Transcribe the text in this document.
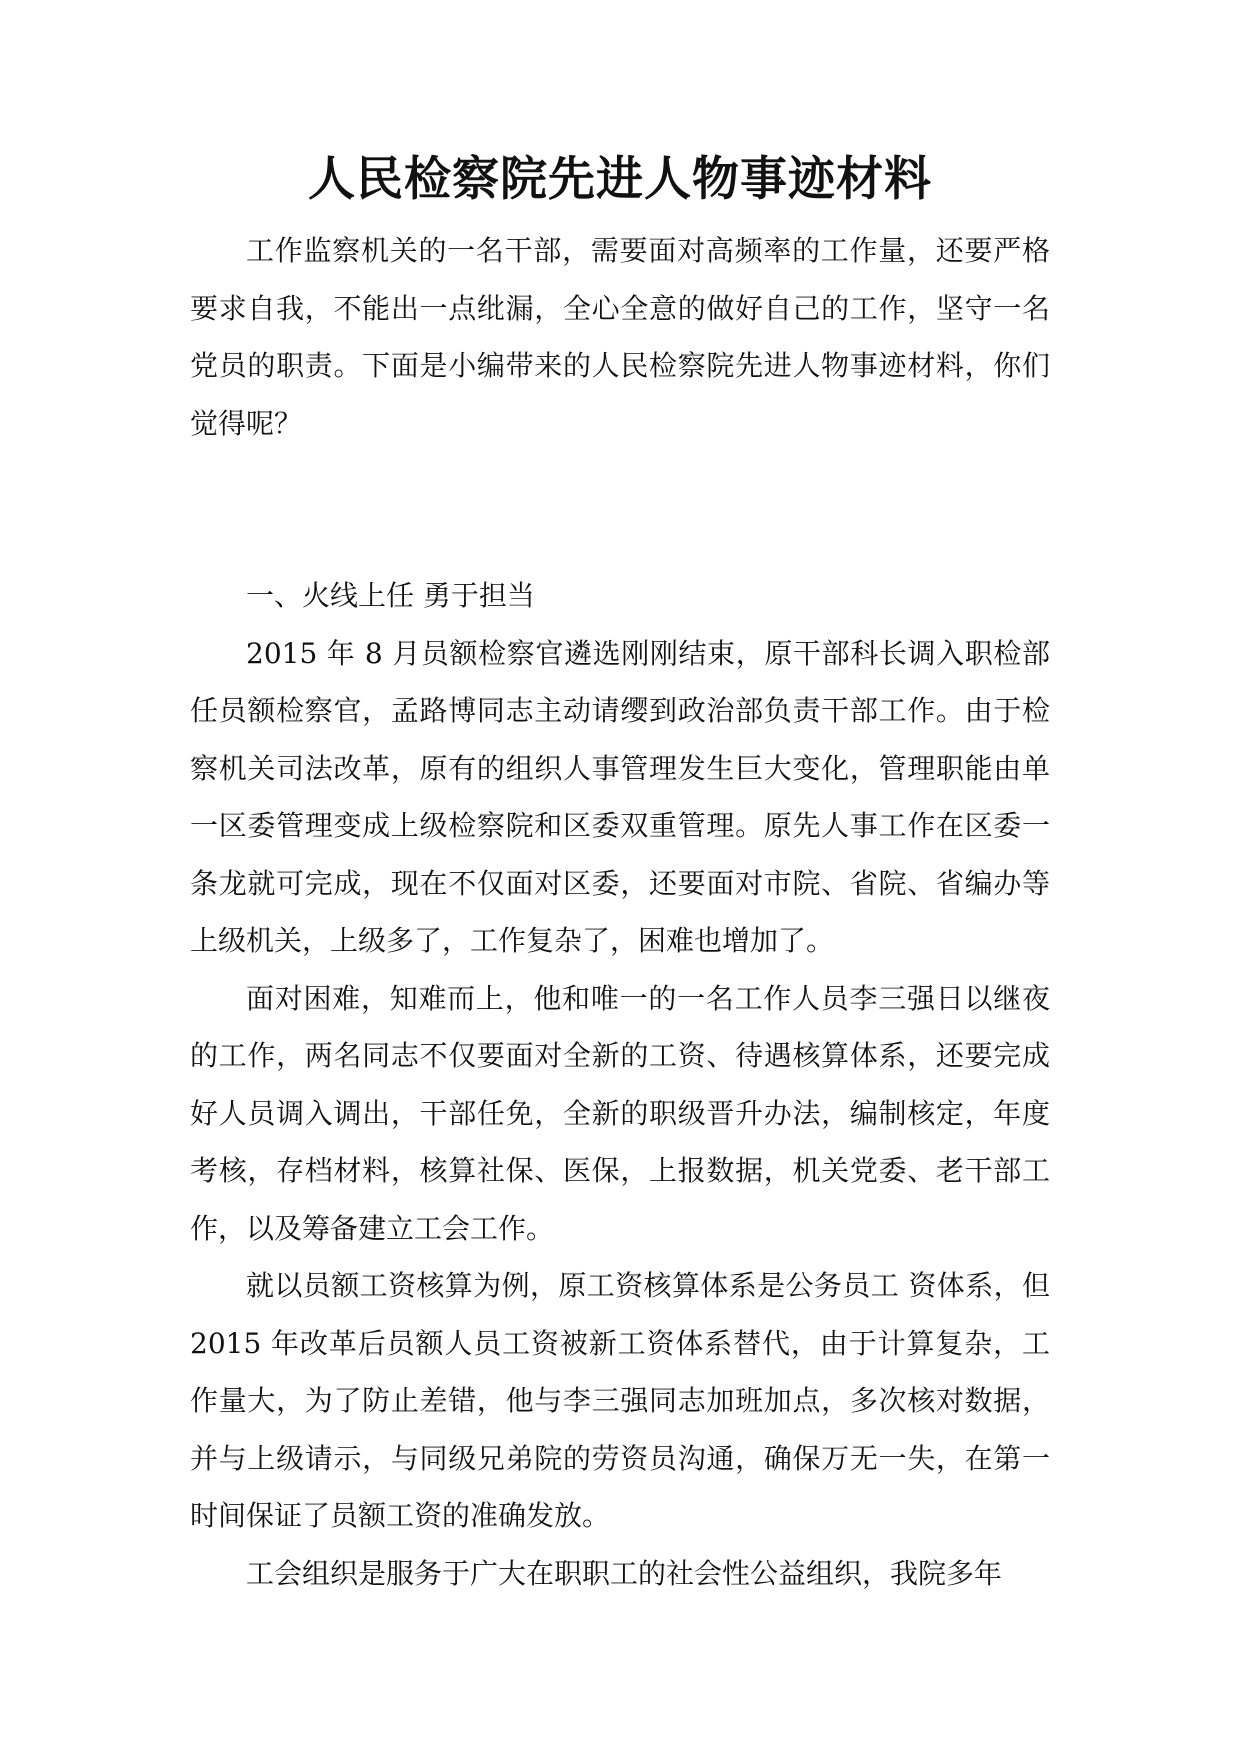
人民检察院先进人物事迹材料

工作监察机关的一名干部，需要面对高频率的工作量，还要严格要求自我，不能出一点纰漏，全心全意的做好自己的工作，坚守一名党员的职责。下面是小编带来的人民检察院先进人物事迹材料，你们觉得呢？

一、火线上任 勇于担当

2015 年 8 月员额检察官遴选刚刚结束，原干部科长调入职检部任员额检察官，孟路博同志主动请缨到政治部负责干部工作。由于检察机关司法改革，原有的组织人事管理发生巨大变化，管理职能由单一区委管理变成上级检察院和区委双重管理。原先人事工作在区委一条龙就可完成，现在不仅面对区委，还要面对市院、省院、省编办等上级机关，上级多了，工作复杂了，困难也增加了。

面对困难，知难而上，他和唯一的一名工作人员李三强日以继夜的工作，两名同志不仅要面对全新的工资、待遇核算体系，还要完成好人员调入调出，干部任免，全新的职级晋升办法，编制核定，年度考核，存档材料，核算社保、医保，上报数据，机关党委、老干部工作，以及筹备建立工会工作。

就以员额工资核算为例，原工资核算体系是公务员工 资体系，但 2015 年改革后员额人员工资被新工资体系替代，由于计算复杂，工作量大，为了防止差错，他与李三强同志加班加点，多次核对数据，并与上级请示，与同级兄弟院的劳资员沟通，确保万无一失，在第一时间保证了员额工资的准确发放。

工会组织是服务于广大在职职工的社会性公益组织，我院多年
